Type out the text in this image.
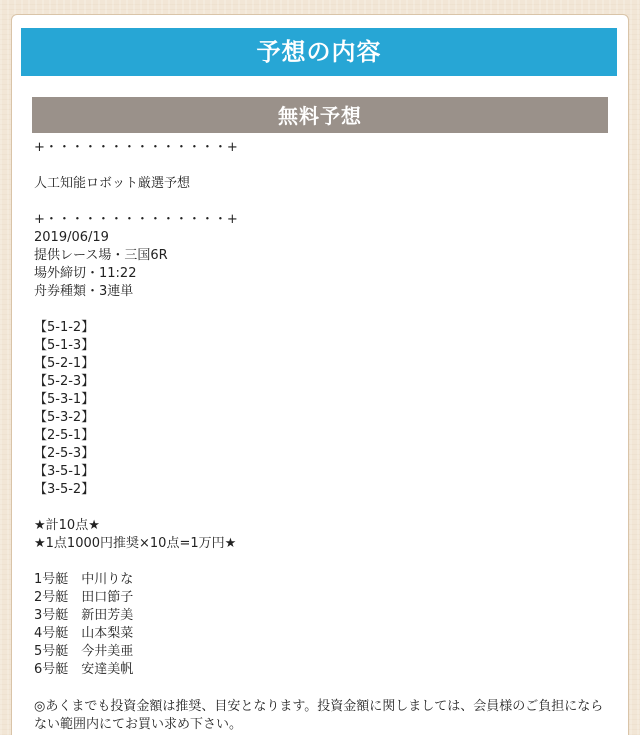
予想の内容
無料予想
+・・・・・・・・・・・・・・+
人工知能ロボット厳選予想
+・・・・・・・・・・・・・・+
2019/06/19
提供レース場・三国6R
場外締切・11:22
舟券種類・3連単
【5-1-2】
【5-1-3】
【5-2-1】
【5-2-3】
【5-3-1】
【5-3-2】
【2-5-1】
【2-5-3】
【3-5-1】
【3-5-2】
★計10点★
★1点1000円推奨×10点=1万円★
1号艇　中川りな
2号艇　田口節子
3号艇　新田芳美
4号艇　山本梨菜
5号艇　今井美亜
6号艇　安達美帆
◎あくまでも投資金額は推奨、目安となります。投資金額に関しましては、会員様のご負担にならない範囲内にてお買い求め下さい。
